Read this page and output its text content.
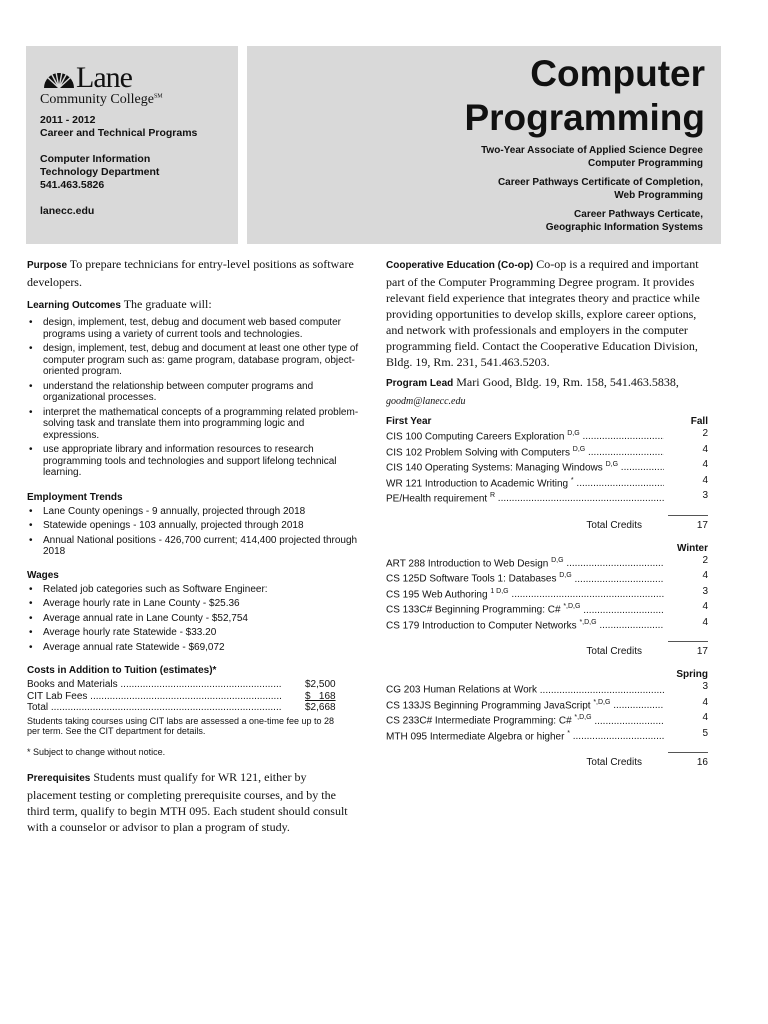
Lane
Community College℠
2011 - 2012
Career and Technical Programs
Computer Information
Technology Department
541.463.5826
lanecc.edu
Computer
Programming
Two-Year Associate of Applied Science Degree
Computer Programming
Career Pathways Certificate of Completion,
Web Programming
Career Pathways Certicate,
Geographic Information Systems

Purpose To prepare technicians for entry-level positions as software developers.

Learning Outcomes The graduate will:

• design, implement, test, debug and document web based computer programs using a variety of current tools and technologies.
• design, implement, test, debug and document at least one other type of computer program such as: game program, database program, object-oriented program.
• understand the relationship between computer programs and organizational processes.
• interpret the mathematical concepts of a programming related problem-solving task and translate them into programming logic and expressions.
• use appropriate library and information resources to research programming tools and technologies and support lifelong technical learning.

Employment Trends

• Lane County openings - 9 annually, projected through 2018
• Statewide openings - 103 annually, projected through 2018
• Annual National positions - 426,700 current; 414,400 projected through 2018

Wages

• Related job categories such as Software Engineer:
• Average hourly rate in Lane County - $25.36
• Average annual rate in Lane County - $52,754
• Average hourly rate Statewide - $33.20
• Average annual rate Statewide - $69,072

Costs in Addition to Tuition (estimates)*

Books and Materials .....	$2,500
CIT Lab Fees .....	$   168
Total .....	$2,668

Students taking courses using CIT labs are assessed a one-time fee up to 28 per term. See the CIT department for details.

* Subject to change without notice.

Prerequisites Students must qualify for WR 121, either by placement testing or completing prerequisite courses, and by the third term, qualify to begin MTH 095. Each student should consult with a counselor or advisor to plan a program of study.

Cooperative Education (Co-op) Co-op is a required and important part of the Computer Programming Degree program. It provides relevant field experience that integrates theory and practice while providing opportunities to develop skills, explore career options, and network with professionals and employers in the computer programming field. Contact the Cooperative Education Division, Bldg. 19, Rm. 231, 541.463.5203.

Program Lead Mari Good, Bldg. 19, Rm. 158, 541.463.5838,
goodm@lanecc.edu

First Year	Fall
CIS 100 Computing Careers Exploration $^{D,G}$ .....	2
CIS 102 Problem Solving with Computers $^{D,G}$ .....	4
CIS 140 Operating Systems: Managing Windows $^{D,G}$ .....	4
WR 121 Introduction to Academic Writing * .....	4
PE/Health requirement $^R$ .....	3
Total Credits	17
Winter
ART 288 Introduction to Web Design $^{D,G}$ .....	2
CS 125D Software Tools 1: Databases $^{D,G}$ .....	4
CS 195 Web Authoring $^{1 D,G}$ .....	3
CS 133C# Beginning Programming: C# $^{*,D,G}$ .....	4
CS 179 Introduction to Computer Networks $^{*,D,G}$ .....	4
Total Credits	17
Spring
CG 203 Human Relations at Work .....	3
CS 133JS Beginning Programming JavaScript $^{*,D,G}$ .....	4
CS 233C# Intermediate Programming: C# $^{*,D,G}$ .....	4
MTH 095 Intermediate Algebra or higher * .....	5
Total Credits	16
